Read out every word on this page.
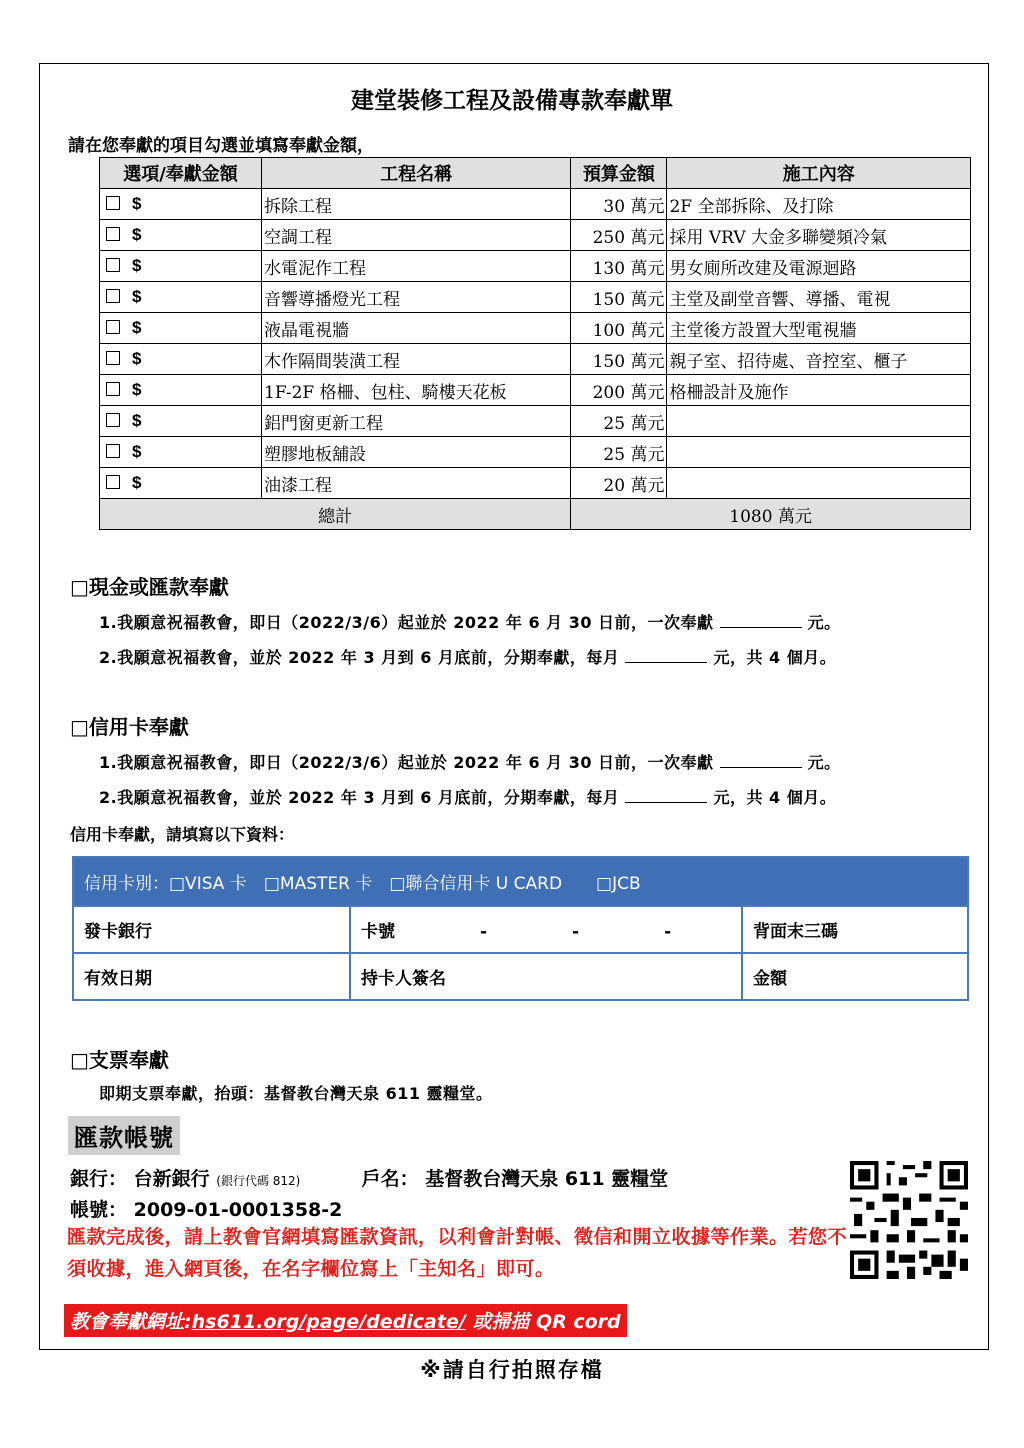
建堂裝修工程及設備專款奉獻單
請在您奉獻的項目勾選並填寫奉獻金額，
選項/奉獻金額	工程名稱	預算金額	施工內容
$	拆除工程	30 萬元	2F 全部拆除、及打除
$	空調工程	250 萬元	採用 VRV 大金多聯變頻冷氣
$	水電泥作工程	130 萬元	男女廁所改建及電源迴路
$	音響導播燈光工程	150 萬元	主堂及副堂音響、導播、電視
$	液晶電視牆	100 萬元	主堂後方設置大型電視牆
$	木作隔間裝潢工程	150 萬元	親子室、招待處、音控室、櫃子
$	1F-2F 格柵、包柱、騎樓天花板	200 萬元	格柵設計及施作
$	鋁門窗更新工程	25 萬元	
$	塑膠地板舖設	25 萬元	
$	油漆工程	20 萬元	
總計		1080 萬元	
□現金或匯款奉獻
1.我願意祝福教會，即日（2022/3/6）起並於 2022 年 6 月 30 日前，一次奉獻	元。
2.我願意祝福教會，並於 2022 年 3 月到 6 月底前，分期奉獻，每月	元，共 4 個月。
□信用卡奉獻
1.我願意祝福教會，即日（2022/3/6）起並於 2022 年 6 月 30 日前，一次奉獻	元。
2.我願意祝福教會，並於 2022 年 3 月到 6 月底前，分期奉獻，每月	元，共 4 個月。
信用卡奉獻，請填寫以下資料：
信用卡別：□VISA 卡　□MASTER 卡　□聯合信用卡 U CARD　　□JCB		
發卡銀行	卡號　　　　　-　　　　　-　　　　　-	背面末三碼
有效日期	持卡人簽名	金額
□支票奉獻
即期支票奉獻，抬頭：基督教台灣天泉 611 靈糧堂。
匯款帳號
銀行： 台新銀行 (銀行代碼 812)	戶名： 基督教台灣天泉 611 靈糧堂
帳號： 2009-01-0001358-2
匯款完成後，請上教會官網填寫匯款資訊，以利會計對帳、徵信和開立收據等作業。若您不須收據，進入網頁後，在名字欄位寫上「主知名」即可。
教會奉獻網址:hs611.org/page/dedicate/ 或掃描 QR cord
※請自行拍照存檔
